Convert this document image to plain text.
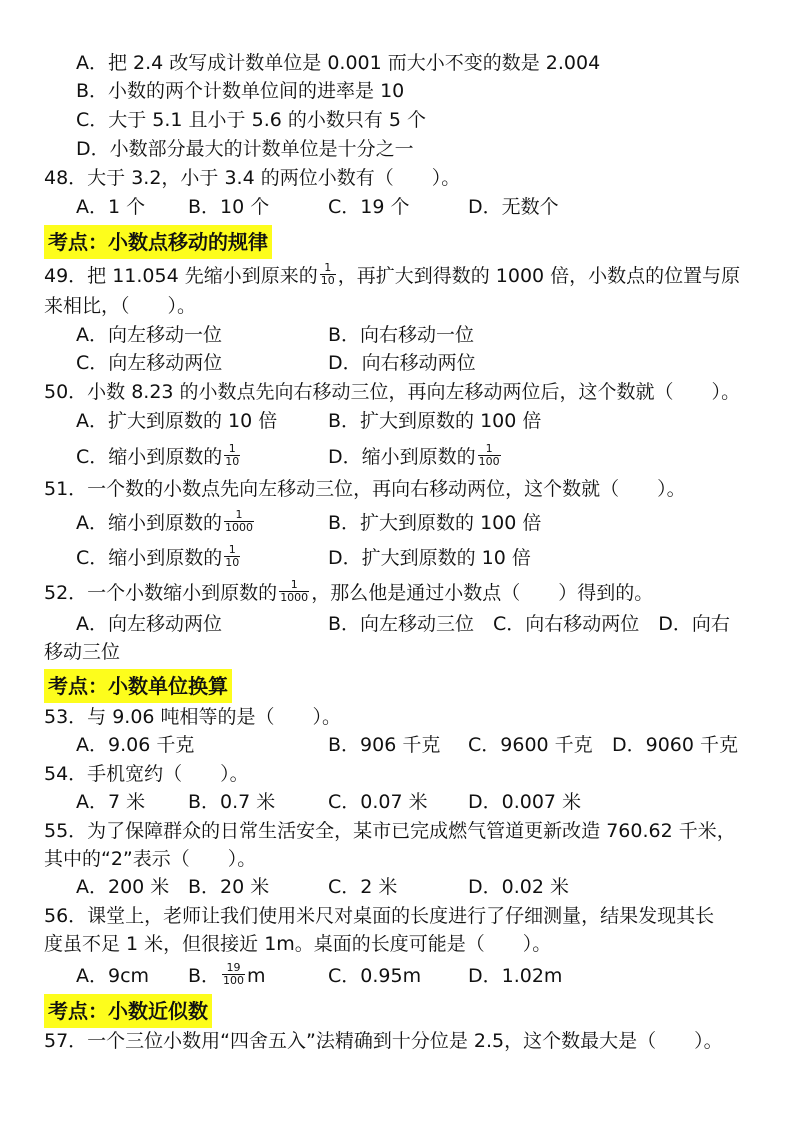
A．把 2.4 改写成计数单位是 0.001 而大小不变的数是 2.004
B．小数的两个计数单位间的进率是 10
C．大于 5.1 且小于 5.6 的小数只有 5 个
D．小数部分最大的计数单位是十分之一
48．大于 3.2，小于 3.4 的两位小数有（　　）。
A．1 个 B．10 个	C．19 个	D．无数个
考点：小数点移动的规律
49．把 11.054 先缩小到原来的 $\frac{1}{10}$ ，再扩大到得数的 1000 倍，小数点的位置与原
来相比，（　　）。
A．向左移动一位	B．向右移动一位
C．向左移动两位	D．向右移动两位
50．小数 8.23 的小数点先向右移动三位，再向左移动两位后，这个数就（　　）。
A．扩大到原数的 10 倍	B．扩大到原数的 100 倍
C．缩小到原数的 $\frac{1}{10}$	D．缩小到原数的 $\frac{1}{100}$
51．一个数的小数点先向左移动三位，再向右移动两位，这个数就（　　）。
A．缩小到原数的 $\frac{1}{1000}$	B．扩大到原数的 100 倍
C．缩小到原数的 $\frac{1}{10}$	D．扩大到原数的 10 倍
52．一个小数缩小到原数的 $\frac{1}{1000}$ ，那么他是通过小数点（　　）得到的。
A．向左移动两位	B．向左移动三位　C．向右移动两位　D．向右
移动三位
考点：小数单位换算
53．与 9.06 吨相等的是（　　）。
A．9.06 千克	B．906 千克 C．9600 千克 D．9060 千克
54．手机宽约（　　）。
A．7 米 B．0.7 米	C．0.07 米 D．0.007 米
55．为了保障群众的日常生活安全，某市已完成燃气管道更新改造 760.62 千米，
其中的“2”表示（　　）。
A．200 米 B．20 米	C．2 米	D．0.02 米
56．课堂上，老师让我们使用米尺对桌面的长度进行了仔细测量，结果发现其长
度虽不足 1 米，但很接近 1m。桌面的长度可能是（　　）。
A．9cm B． $\frac{19}{100}$ m	C．0.95m D．1.02m
考点：小数近似数
57．一个三位小数用“四舍五入”法精确到十分位是 2.5，这个数最大是（　　）。
